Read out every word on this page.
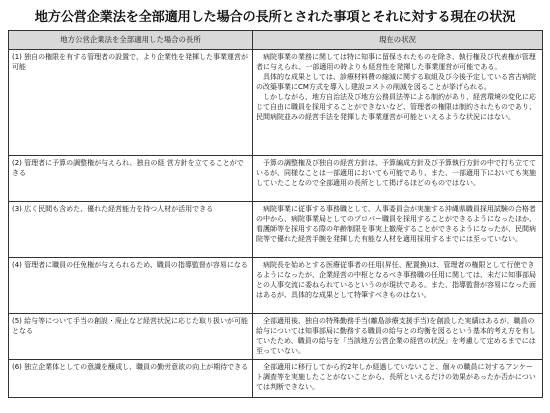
地方公営企業法を全部適用した場合の長所とされた事項とそれに対する現在の状況
地方公営企業法を全部適用した場合の長所	現在の状況
(1) 独自の権限を有する管理者の設置で、より企業性を発揮した事業運営が可能	病院事業の業務に関しては特に知事に留保されたものを除き、執行権及び代表権が管理者に与えられ、一部適用の時よりも経営性を発揮した事業運営が可能である。

具体的な成果としては、診療材料費の縮減に関する取組及び今後予定している宮古病院の改築事業にCM方式を導入し建設コストの削減を図ることが挙げられる。

しかしながら、地方自治法及び地方公務員法等による制約があり、経営環境の変化に応じて自由に職員を採用することができないなど、管理者の権限は制約されたものであり、民間病院並みの経営手法を発揮した事業運営が可能といえるような状況にはない。

(2) 管理者に予算の調整権が与えられ、独自の経 営方針を立てることができる	予算の調整権及び独自の経営方針は、予算編成方針及び予算執行方針の中で打ち立てているが、同様なことは一部適用においても可能であり、また、一部適用下においても実施していたことなので全部適用の長所として掲げるほどのものではない。

(3) 広く民間も含めた、優れた経営能力を持つ人材が活用できる	病院事業に従事する事務職として、人事委員会が実施する沖縄県職員採用試験の合格者の中から、病院事業局としてのプロパー職員を採用することができるようになったほか、看護師等を採用する際の年齢制限を事実上撤廃することができるようになったが、民間病院等で優れた経営手腕を発揮した有能な人材を適用採用するまでには至っていない。

(4) 管理者に職員の任免権が与えられるため、職員の指導監督が容易になる	病院長を始めとする医療従事者の任用(昇任、配置換)は、管理者の権限として行使できるようになったが、企業経営の中枢となるべき事務職の任用に関しては、未だに知事部局との人事交流に委ねられているというのが現状である。また、指導監督が容易になった面はあるが、具体的な成果として特筆すべきものはない。

(5) 給与等について手当の創設・廃止など経営状況に応じた取り扱いが可能となる	全部適用後、独自の特殊勤務手当(離島診療支援手当)を創設した実績はあるが、職員の給与については知事部局に勤務する職員の給与との均衡を図るという基本的考え方を有していたため、職員の給与を「当該地方公営企業の経営の状況」を考慮して定めるまでには至っていない。

(6) 独立企業体としての意識を醸成し、職員の勤労意欲の向上が期待できる	全部適用に移行してから約2年しか経過していないこと、個々の職員に対するアンケート調査等を実施したことがないことから、長所といえるだけの効果があったか否かについては判断できない。
